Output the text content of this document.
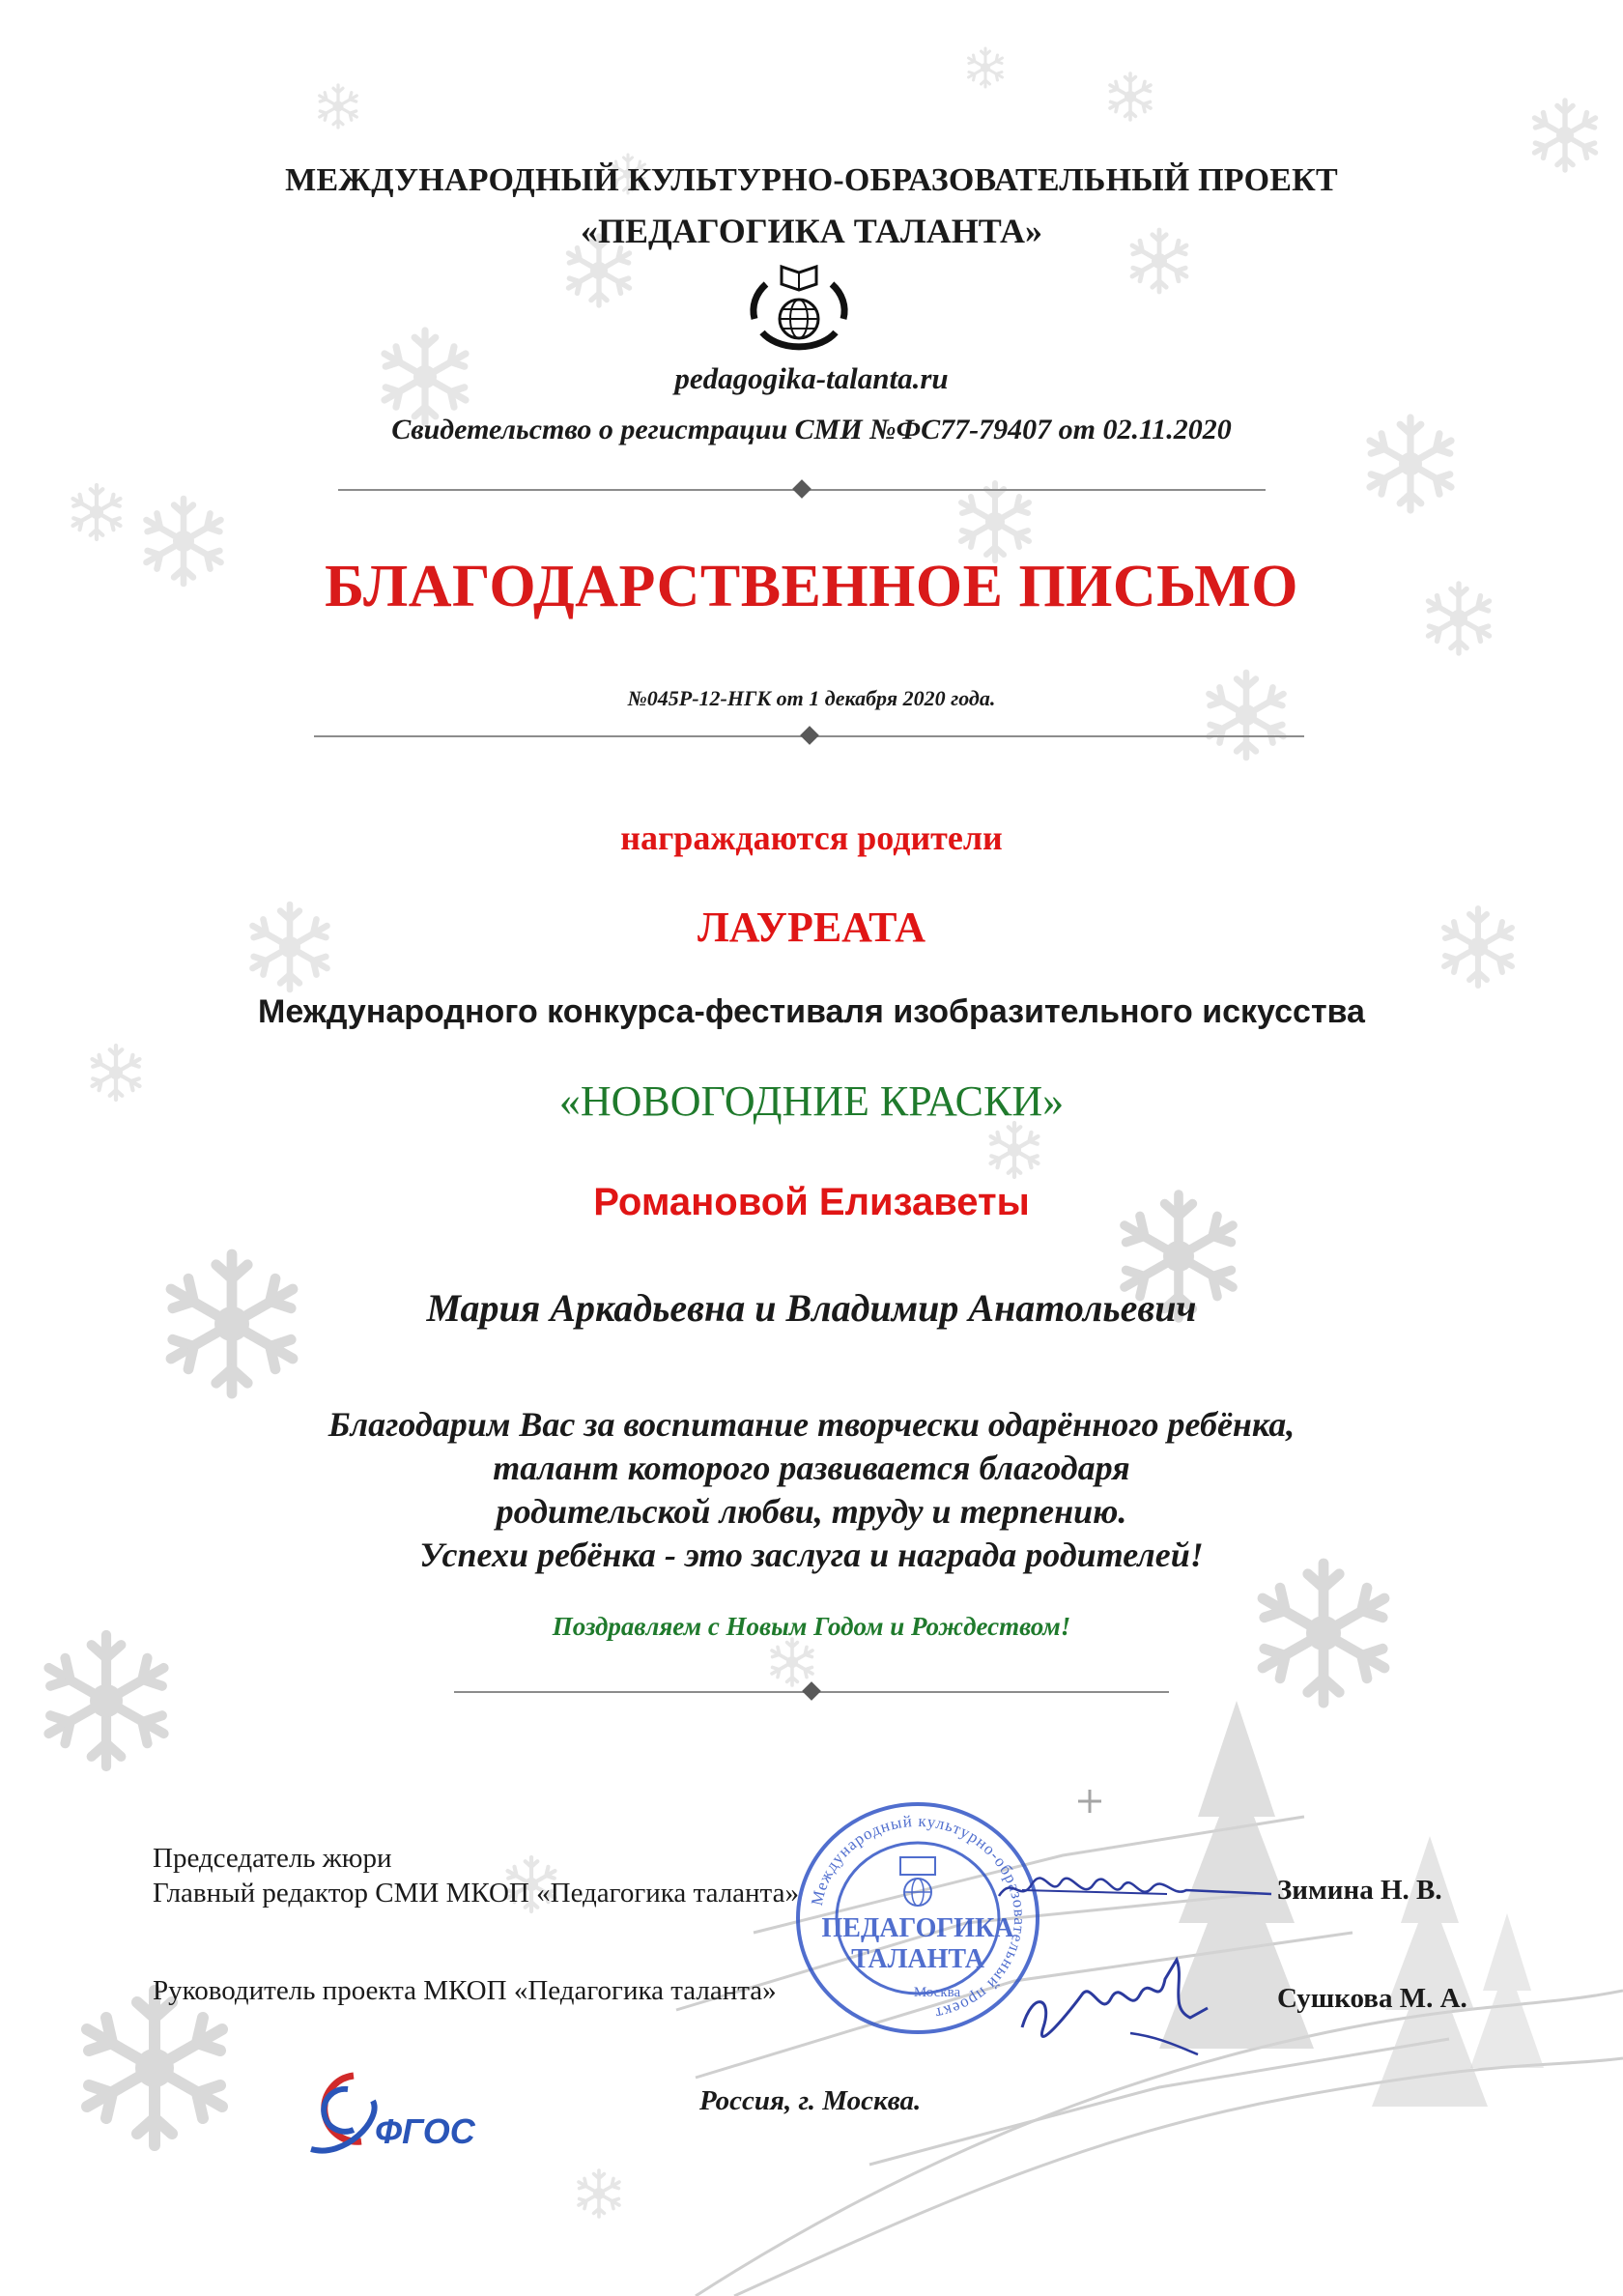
МЕЖДУНАРОДНЫЙ КУЛЬТУРНО-ОБРАЗОВАТЕЛЬНЫЙ ПРОЕКТ
«ПЕДАГОГИКА ТАЛАНТА»
pedagogika-talanta.ru
Свидетельство о регистрации СМИ №ФС77-79407 от 02.11.2020
БЛАГОДАРСТВЕННОЕ ПИСЬМО
№045Р-12-НГК от 1 декабря 2020 года.
награждаются родители
ЛАУРЕАТА
Международного конкурса-фестиваля изобразительного искусства
«НОВОГОДНИЕ КРАСКИ»
Романовой Елизаветы
Мария Аркадьевна и Владимир Анатольевич
Благодарим Вас за воспитание творчески одарённого ребёнка,
талант которого развивается благодаря
родительской любви, труду и терпению.
Успехи ребёнка - это заслуга и награда родителей!
Поздравляем с Новым Годом и Рождеством!
Председатель жюри
Главный редактор СМИ МКОП «Педагогика таланта»	Зимина Н. В.
Руководитель проекта МКОП «Педагогика таланта»	Сушкова М. А.
Международный культурно-образовательный проект
ПЕДАГОГИКА
ТАЛАНТА
Москва
ФГОС
Россия, г. Москва.
